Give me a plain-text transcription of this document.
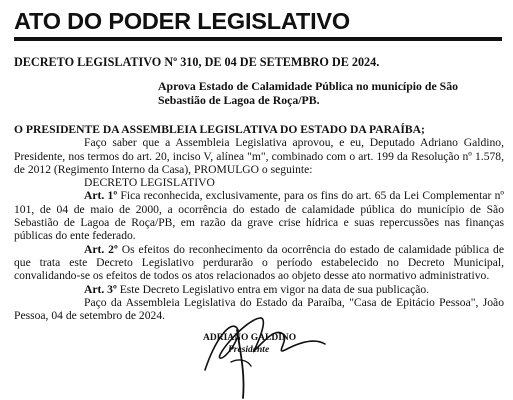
ATO DO PODER LEGISLATIVO
DECRETO LEGISLATIVO Nº 310, DE 04 DE SETEMBRO DE 2024.
Aprova Estado de Calamidade Pública no município de São Sebastião de Lagoa de Roça/PB.

O PRESIDENTE DA ASSEMBLEIA LEGISLATIVA DO ESTADO DA PARAÍBA;

Faço saber que a Assembleia Legislativa aprovou, e eu, Deputado Adriano Galdino, Presidente, nos termos do art. 20, inciso V, alínea "m", combinado com o art. 199 da Resolução nº 1.578, de 2012 (Regimento Interno da Casa), PROMULGO o seguinte:

DECRETO LEGISLATIVO

Art. 1º Fica reconhecida, exclusivamente, para os fins do art. 65 da Lei Complementar nº 101, de 04 de maio de 2000, a ocorrência do estado de calamidade pública do município de São Sebastião de Lagoa de Roça/PB, em razão da grave crise hídrica e suas repercussões nas finanças públicas do ente federado.

Art. 2º Os efeitos do reconhecimento da ocorrência do estado de calamidade pública de que trata este Decreto Legislativo perdurarão o período estabelecido no Decreto Municipal, convalidando-se os efeitos de todos os atos relacionados ao objeto desse ato normativo administrativo.

Art. 3º Este Decreto Legislativo entra em vigor na data de sua publicação.

Paço da Assembleia Legislativa do Estado da Paraíba, "Casa de Epitácio Pessoa", João Pessoa, 04 de setembro de 2024.

ADRIANO GALDINO
Presidente
